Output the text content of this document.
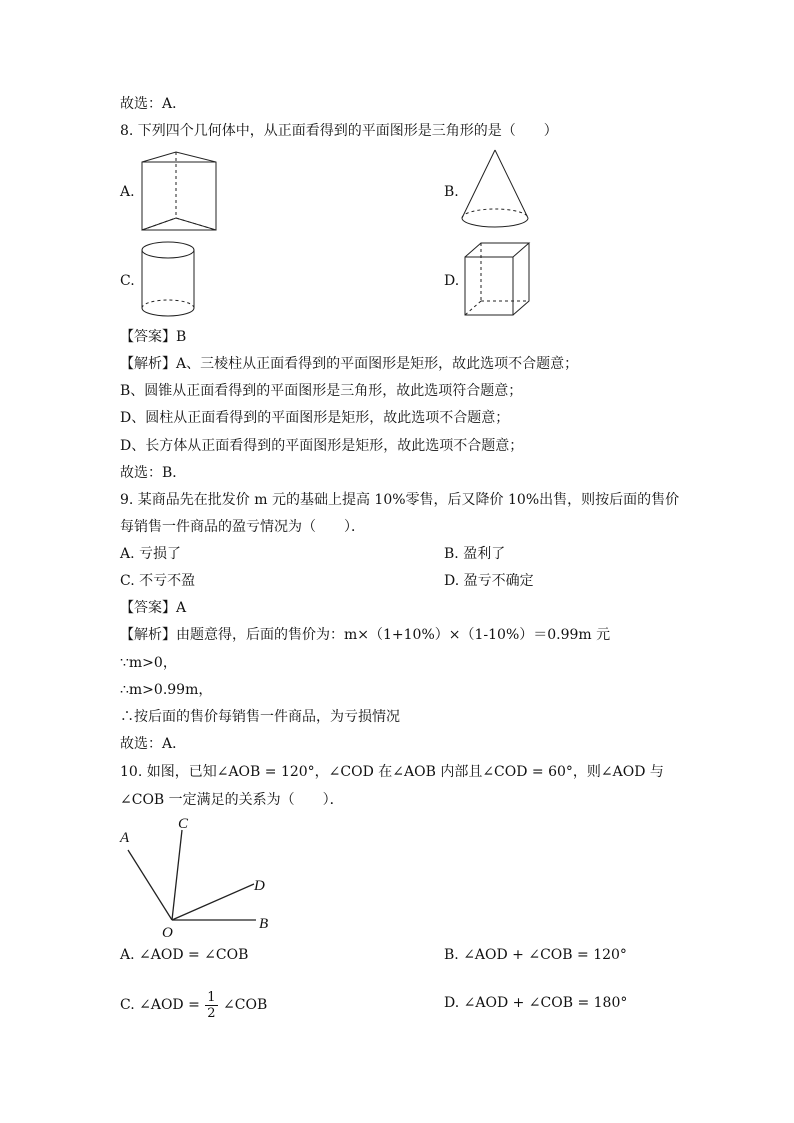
故选：A．
8. 下列四个几何体中，从正面看得到的平面图形是三角形的是（　　）
A.	B.
C.	D.
【答案】B
【解析】A、三棱柱从正面看得到的平面图形是矩形，故此选项不合题意；
B、圆锥从正面看得到的平面图形是三角形，故此选项符合题意；
D、圆柱从正面看得到的平面图形是矩形，故此选项不合题意；
D、长方体从正面看得到的平面图形是矩形，故此选项不合题意；
故选：B．
9. 某商品先在批发价 m 元的基础上提高 10%零售，后又降价 10%出售，则按后面的售价
每销售一件商品的盈亏情况为（　　）．
A. 亏损了	B. 盈利了
C. 不亏不盈	D. 盈亏不确定
【答案】A
【解析】由题意得，后面的售价为：m×（1+10%）×（1-10%）＝0.99m 元
∵m>0，
∴m>0.99m，
∴按后面的售价每销售一件商品，为亏损情况
故选：A．
10. 如图，已知∠AOB = 120°，∠COD 在∠AOB 内部且∠COD = 60°，则∠AOD 与
∠COB 一定满足的关系为（　　）．
A
C
D
O
B
A. ∠AOD = ∠COB	B. ∠AOD + ∠COB = 120°
C. ∠AOD = $\frac{1}{2}$ ∠COB	D. ∠AOD + ∠COB = 180°
